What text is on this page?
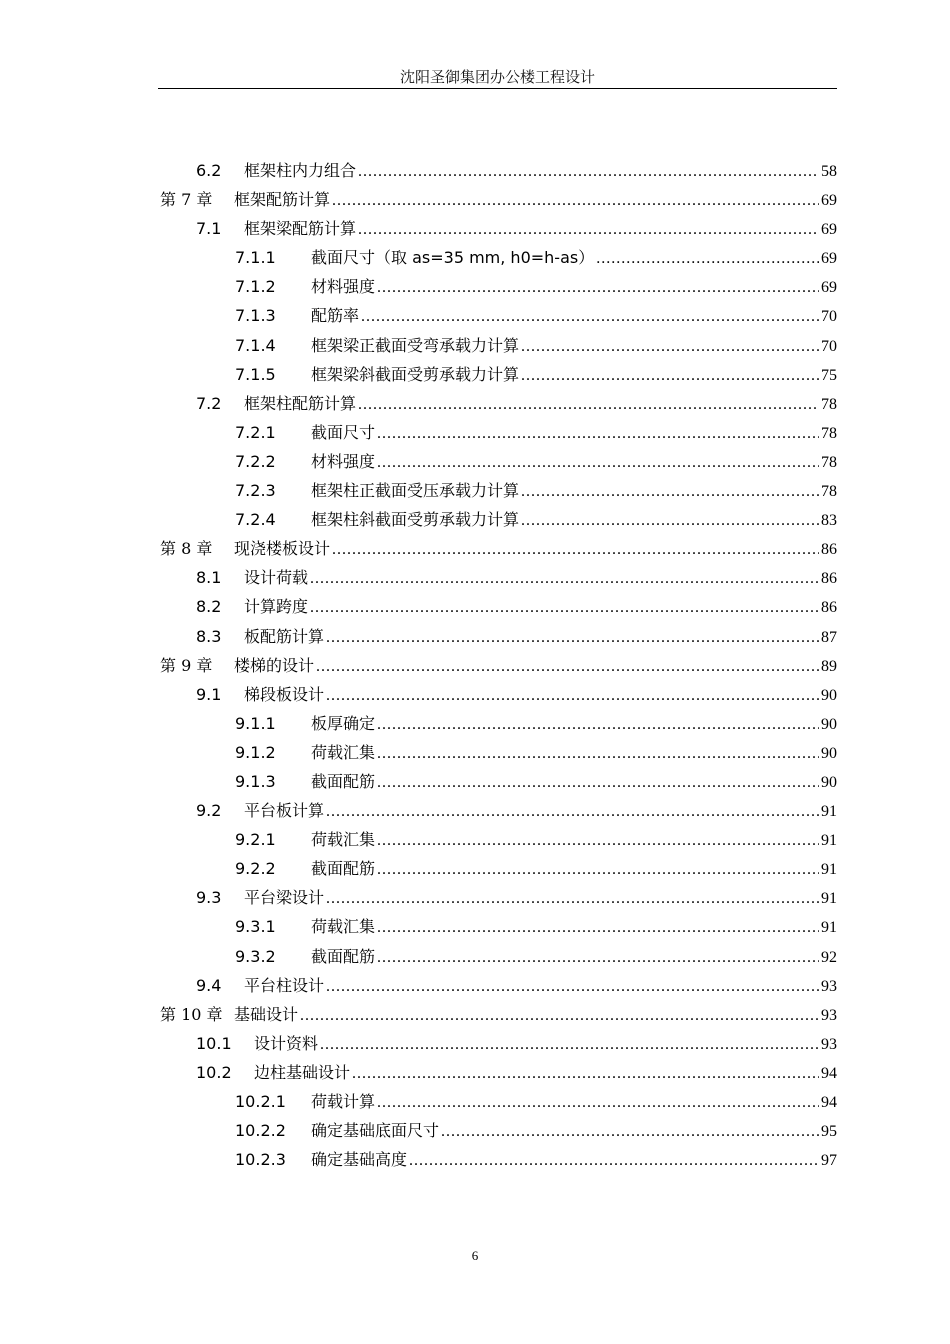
沈阳圣御集团办公楼工程设计
6.2	框架柱内力组合 .....	58
第 7 章	框架配筋计算 .....	69
7.1	框架梁配筋计算 .....	69
7.1.1	截面尺寸（取 as=35 mm, h0=h-as） .....	69
7.1.2	材料强度 .....	69
7.1.3	配筋率 .....	70
7.1.4	框架梁正截面受弯承载力计算 .....	70
7.1.5	框架梁斜截面受剪承载力计算 .....	75
7.2	框架柱配筋计算 .....	78
7.2.1	截面尺寸 .....	78
7.2.2	材料强度 .....	78
7.2.3	框架柱正截面受压承载力计算 .....	78
7.2.4	框架柱斜截面受剪承载力计算 .....	83
第 8 章	现浇楼板设计 .....	86
8.1	设计荷载 .....	86
8.2	计算跨度 .....	86
8.3	板配筋计算 .....	87
第 9 章	楼梯的设计 .....	89
9.1	梯段板设计 .....	90
9.1.1	板厚确定 .....	90
9.1.2	荷载汇集 .....	90
9.1.3	截面配筋 .....	90
9.2	平台板计算 .....	91
9.2.1	荷载汇集 .....	91
9.2.2	截面配筋 .....	91
9.3	平台梁设计 .....	91
9.3.1	荷载汇集 .....	91
9.3.2	截面配筋 .....	92
9.4	平台柱设计 .....	93
第 10 章 基础设计 .....	93
10.1	设计资料 .....	93
10.2	边柱基础设计 .....	94
10.2.1	荷载计算 .....	94
10.2.2	确定基础底面尺寸 .....	95
10.2.3	确定基础高度 .....	97
6
